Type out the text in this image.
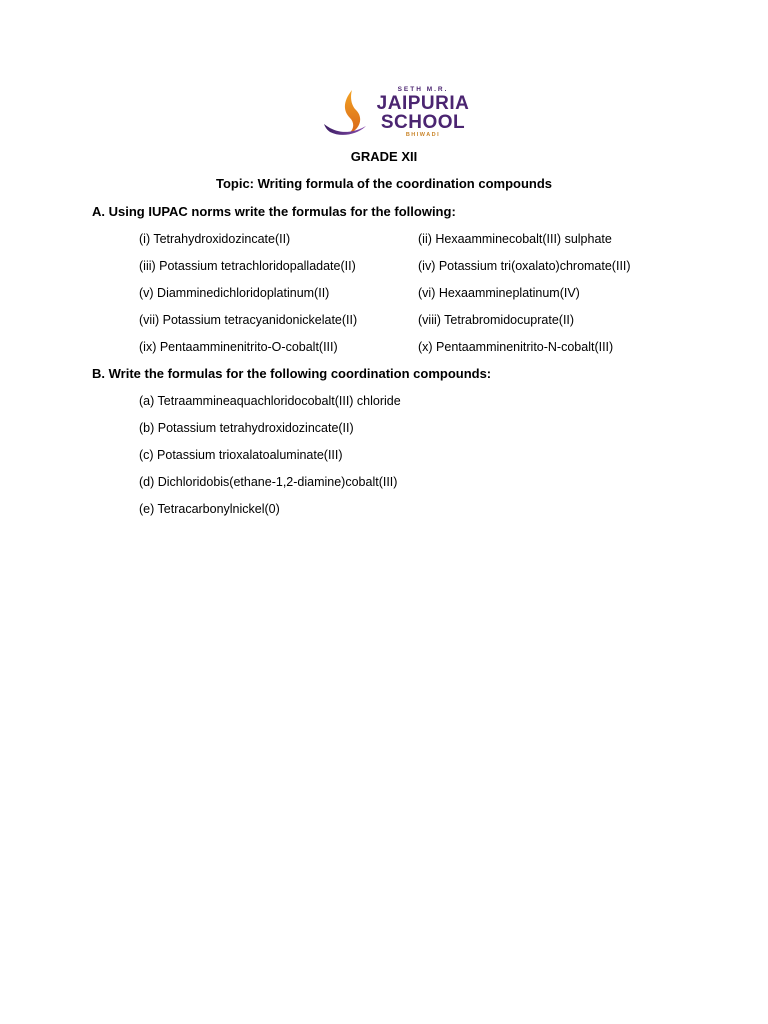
SETH M.R.
JAIPURIA
SCHOOL
BHIWADI
GRADE XII
Topic: Writing formula of the coordination compounds
A. Using IUPAC norms write the formulas for the following:
(i) Tetrahydroxidozincate(II)	(ii) Hexaamminecobalt(III) sulphate
(iii) Potassium tetrachloridopalladate(II)	(iv) Potassium tri(oxalato)chromate(III)
(v) Diamminedichloridoplatinum(II)	(vi) Hexaammineplatinum(IV)
(vii) Potassium tetracyanidonickelate(II)	(viii) Tetrabromidocuprate(II)
(ix) Pentaamminenitrito-O-cobalt(III)	(x) Pentaamminenitrito-N-cobalt(III)
B. Write the formulas for the following coordination compounds:
(a) Tetraammineaquachloridocobalt(III) chloride
(b) Potassium tetrahydroxidozincate(II)
(c) Potassium trioxalatoaluminate(III)
(d) Dichloridobis(ethane-1,2-diamine)cobalt(III)
(e) Tetracarbonylnickel(0)
